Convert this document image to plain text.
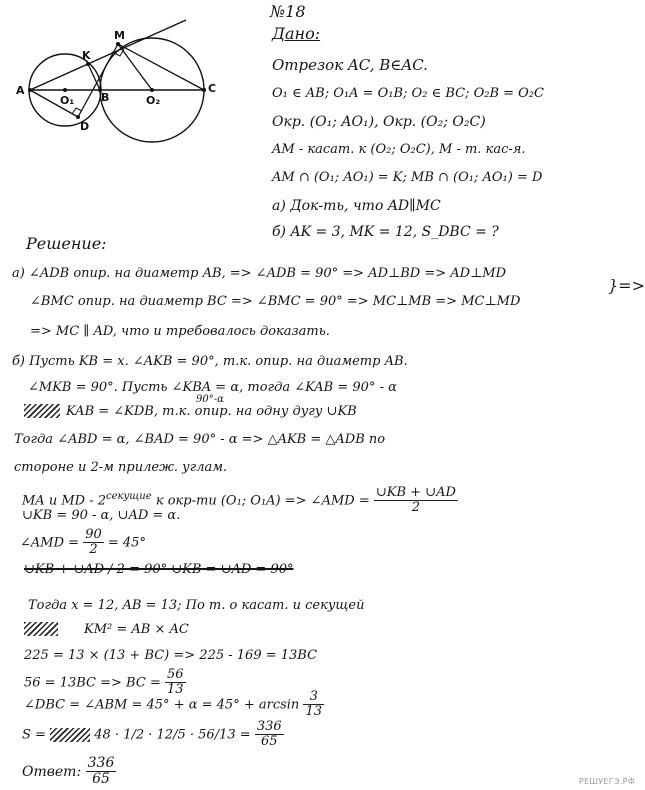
№18
A
B
C
K
M
D
O₁	O₂
Дано:
Отрезок AC, B∈AC.
O₁ ∈ AB; O₁A = O₁B; O₂ ∈ BC; O₂B = O₂C
Окр. (O₁; AO₁), Окр. (O₂; O₂C)
AM - касат. к (O₂; O₂C), M - т. кас-я.
AM ∩ (O₁; AO₁) = K; MB ∩ (O₁; AO₁) = D
а) Док-ть, что AD∥MC
б) AK = 3, MK = 12, S_DBC = ?
Решение:
а) ∠ADB опир. на диаметр AB, => ∠ADB = 90° => AD⊥BD => AD⊥MD
∠BMC опир. на диаметр BC => ∠BMC = 90° => MC⊥MB => MC⊥MD
}=>
=> MC ∥ AD, что и требовалось доказать.
б) Пусть KB = x. ∠AKB = 90°, т.к. опир. на диаметр AB.
∠MKB = 90°. Пусть ∠KBA = α, тогда ∠KAB = 90° - α
KAB = ∠KDB, т.к. опир. на одну дугу ∪KB
90°-α
Тогда ∠ABD = α, ∠BAD = 90° - α => △AKB = △ADB по
стороне и 2-м прилеж. углам.
MA и MD - $2^{секущие}$ к окр-ти (O₁; O₁A) => ∠AMD = $\frac{\cup KB + \cup AD}{2}$
∪KB = 90 - α, ∪AD = α.
∠AMD = $\frac{90}{2} = 45^\circ$
∪KB + ∪AD / 2 = 90° ∪KB = ∪AD = 90°
Тогда x = 12, AB = 13; По т. о касат. и секущей
KM² = AB × AC
225 = 13 × (13 + BC) => 225 - 169 = 13BC
56 = 13BC => BC = $\frac{56}{13}$
∠DBC = ∠ABM = $45^\circ + \alpha = 45^\circ + \arcsin \frac{3}{13}$
S =	$48 \cdot 1/2 \cdot 12/5 \cdot 56/13 = \frac{336}{65}$
Ответ: $\frac{336}{65}$	РЕШУЕГЭ.РФ
